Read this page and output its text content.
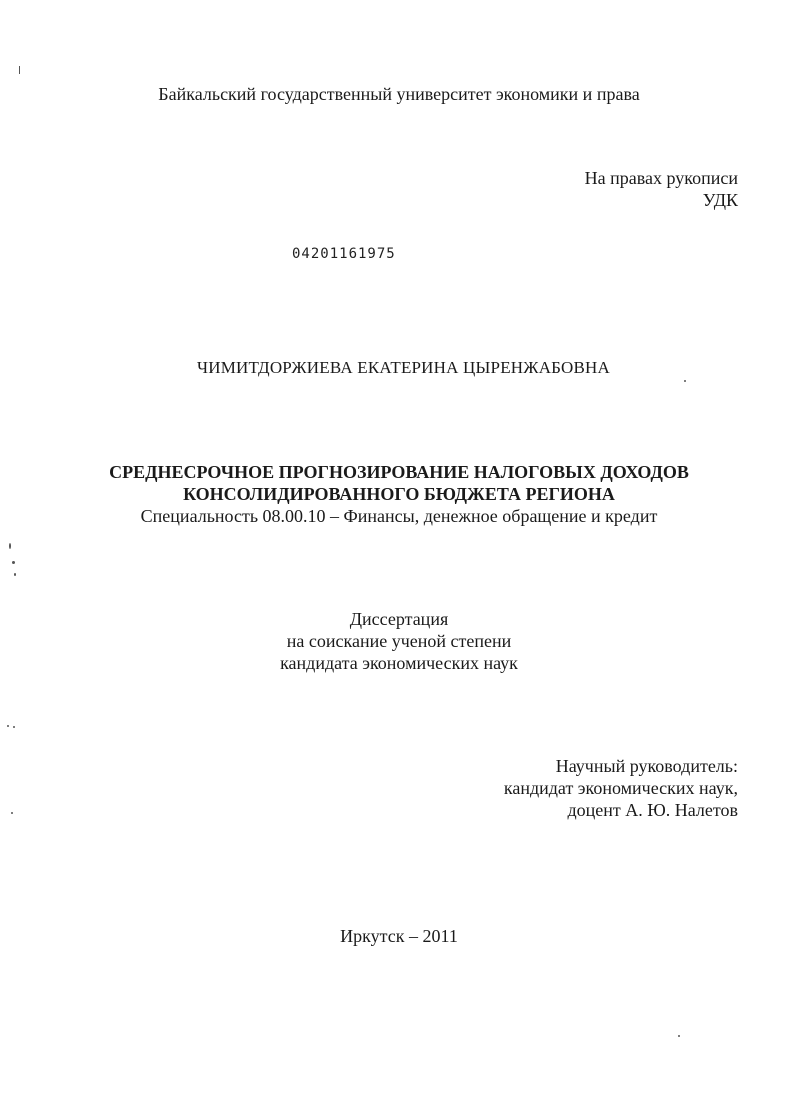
Байкальский государственный университет экономики и права
На правах рукописи
УДК
04201161975
ЧИМИТДОРЖИЕВА ЕКАТЕРИНА ЦЫРЕНЖАБОВНА
СРЕДНЕСРОЧНОЕ ПРОГНОЗИРОВАНИЕ НАЛОГОВЫХ ДОХОДОВ
КОНСОЛИДИРОВАННОГО БЮДЖЕТА РЕГИОНА
Специальность 08.00.10 – Финансы, денежное обращение и кредит
Диссертация
на соискание ученой степени
кандидата экономических наук
Научный руководитель:
кандидат экономических наук,
доцент А. Ю. Налетов
Иркутск – 2011
